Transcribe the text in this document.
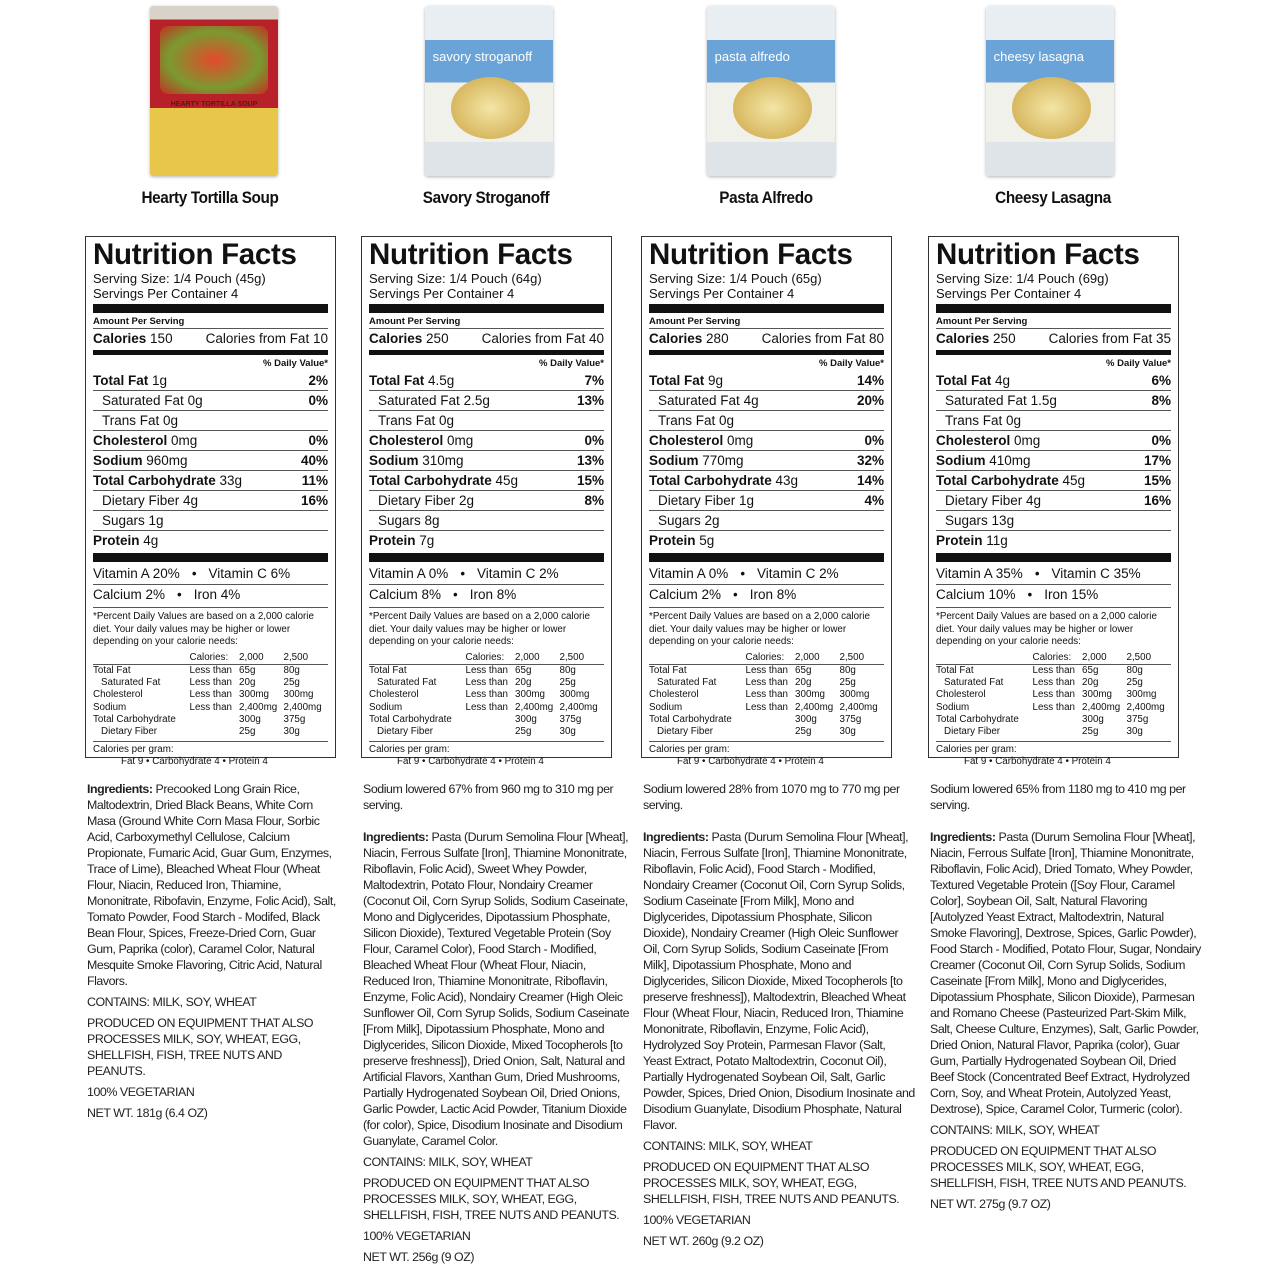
HEARTY TORTILLA SOUP
Hearty Tortilla Soup
Nutrition Facts
Serving Size: 1/4 Pouch (45g)
Servings Per Container 4
Amount Per Serving
Calories 150 Calories from Fat 10
% Daily Value*
Total Fat 1g	2%
Saturated Fat 0g	0%
Trans Fat 0g
Cholesterol 0mg	0%
Sodium 960mg	40%
Total Carbohydrate 33g	11%
Dietary Fiber 4g	16%
Sugars 1g
Protein 4g
Vitamin A 20% • Vitamin C 6%
Calcium 2% • Iron 4%
*Percent Daily Values are based on a 2,000 calorie diet. Your daily values may be higher or lower depending on your calorie needs:
	Calories:	2,000	2,500
Total Fat	Less than	65g	80g
Saturated Fat	Less than	20g	25g
Cholesterol	Less than	300mg	300mg
Sodium	Less than	2,400mg	2,400mg
Total Carbohydrate		300g	375g
Dietary Fiber		25g	30g
Calories per gram:
Fat 9 • Carbohydrate 4 • Protein 4

Ingredients: Precooked Long Grain Rice, Maltodextrin, Dried Black Beans, White Corn Masa (Ground White Corn Masa Flour, Sorbic Acid, Carboxymethyl Cellulose, Calcium Propionate, Fumaric Acid, Guar Gum, Enzymes, Trace of Lime), Bleached Wheat Flour (Wheat Flour, Niacin, Reduced Iron, Thiamine, Mononitrate, Ribofavin, Enzyme, Folic Acid), Salt, Tomato Powder, Food Starch - Modifed, Black Bean Flour, Spices, Freeze-Dried Corn, Guar Gum, Paprika (color), Caramel Color, Natural Mesquite Smoke Flavoring, Citric Acid, Natural Flavors.

CONTAINS: MILK, SOY, WHEAT

PRODUCED ON EQUIPMENT THAT ALSO PROCESSES MILK, SOY, WHEAT, EGG, SHELLFISH, FISH, TREE NUTS AND PEANUTS.

100% VEGETARIAN

NET WT. 181g (6.4 OZ)

savory stroganoff
Savory Stroganoff
Nutrition Facts
Serving Size: 1/4 Pouch (64g)
Servings Per Container 4
Amount Per Serving
Calories 250 Calories from Fat 40
% Daily Value*
Total Fat 4.5g	7%
Saturated Fat 2.5g	13%
Trans Fat 0g
Cholesterol 0mg	0%
Sodium 310mg	13%
Total Carbohydrate 45g	15%
Dietary Fiber 2g	8%
Sugars 8g
Protein 7g
Vitamin A 0% • Vitamin C 2%
Calcium 8% • Iron 8%
*Percent Daily Values are based on a 2,000 calorie diet. Your daily values may be higher or lower depending on your calorie needs:
	Calories:	2,000	2,500
Total Fat	Less than	65g	80g
Saturated Fat	Less than	20g	25g
Cholesterol	Less than	300mg	300mg
Sodium	Less than	2,400mg	2,400mg
Total Carbohydrate		300g	375g
Dietary Fiber		25g	30g
Calories per gram:
Fat 9 • Carbohydrate 4 • Protein 4

Sodium lowered 67% from 960 mg to 310 mg per serving.

Ingredients: Pasta (Durum Semolina Flour [Wheat], Niacin, Ferrous Sulfate [Iron], Thiamine Mononitrate, Riboflavin, Folic Acid), Sweet Whey Powder, Maltodextrin, Potato Flour, Nondairy Creamer (Coconut Oil, Corn Syrup Solids, Sodium Caseinate, Mono and Diglycerides, Dipotassium Phosphate, Silicon Dioxide), Textured Vegetable Protein (Soy Flour, Caramel Color), Food Starch - Modified, Bleached Wheat Flour (Wheat Flour, Niacin, Reduced Iron, Thiamine Mononitrate, Riboflavin, Enzyme, Folic Acid), Nondairy Creamer (High Oleic Sunflower Oil, Corn Syrup Solids, Sodium Caseinate [From Milk], Dipotassium Phosphate, Mono and Diglycerides, Silicon Dioxide, Mixed Tocopherols [to preserve freshness]), Dried Onion, Salt, Natural and Artificial Flavors, Xanthan Gum, Dried Mushrooms, Partially Hydrogenated Soybean Oil, Dried Onions, Garlic Powder, Lactic Acid Powder, Titanium Dioxide (for color), Spice, Disodium Inosinate and Disodium Guanylate, Caramel Color.

CONTAINS: MILK, SOY, WHEAT

PRODUCED ON EQUIPMENT THAT ALSO PROCESSES MILK, SOY, WHEAT, EGG, SHELLFISH, FISH, TREE NUTS AND PEANUTS.

100% VEGETARIAN

NET WT. 256g (9 OZ)

pasta alfredo
Pasta Alfredo
Nutrition Facts
Serving Size: 1/4 Pouch (65g)
Servings Per Container 4
Amount Per Serving
Calories 280 Calories from Fat 80
% Daily Value*
Total Fat 9g	14%
Saturated Fat 4g	20%
Trans Fat 0g
Cholesterol 0mg	0%
Sodium 770mg	32%
Total Carbohydrate 43g	14%
Dietary Fiber 1g	4%
Sugars 2g
Protein 5g
Vitamin A 0% • Vitamin C 2%
Calcium 2% • Iron 8%
*Percent Daily Values are based on a 2,000 calorie diet. Your daily values may be higher or lower depending on your calorie needs:
	Calories:	2,000	2,500
Total Fat	Less than	65g	80g
Saturated Fat	Less than	20g	25g
Cholesterol	Less than	300mg	300mg
Sodium	Less than	2,400mg	2,400mg
Total Carbohydrate		300g	375g
Dietary Fiber		25g	30g
Calories per gram:
Fat 9 • Carbohydrate 4 • Protein 4

Sodium lowered 28% from 1070 mg to 770 mg per serving.

Ingredients: Pasta (Durum Semolina Flour [Wheat], Niacin, Ferrous Sulfate [Iron], Thiamine Mononitrate, Riboflavin, Folic Acid), Food Starch - Modified, Nondairy Creamer (Coconut Oil, Corn Syrup Solids, Sodium Caseinate [From Milk], Mono and Diglycerides, Dipotassium Phosphate, Silicon Dioxide), Nondairy Creamer (High Oleic Sunflower Oil, Corn Syrup Solids, Sodium Caseinate [From Milk], Dipotassium Phosphate, Mono and Diglycerides, Silicon Dioxide, Mixed Tocopherols [to preserve freshness]), Maltodextrin, Bleached Wheat Flour (Wheat Flour, Niacin, Reduced Iron, Thiamine Mononitrate, Riboflavin, Enzyme, Folic Acid), Hydrolyzed Soy Protein, Parmesan Flavor (Salt, Yeast Extract, Potato Maltodextrin, Coconut Oil), Partially Hydrogenated Soybean Oil, Salt, Garlic Powder, Spices, Dried Onion, Disodium Inosinate and Disodium Guanylate, Disodium Phosphate, Natural Flavor.

CONTAINS: MILK, SOY, WHEAT

PRODUCED ON EQUIPMENT THAT ALSO PROCESSES MILK, SOY, WHEAT, EGG, SHELLFISH, FISH, TREE NUTS AND PEANUTS.

100% VEGETARIAN

NET WT. 260g (9.2 OZ)

cheesy lasagna
Cheesy Lasagna
Nutrition Facts
Serving Size: 1/4 Pouch (69g)
Servings Per Container 4
Amount Per Serving
Calories 250 Calories from Fat 35
% Daily Value*
Total Fat 4g	6%
Saturated Fat 1.5g	8%
Trans Fat 0g
Cholesterol 0mg	0%
Sodium 410mg	17%
Total Carbohydrate 45g	15%
Dietary Fiber 4g	16%
Sugars 13g
Protein 11g
Vitamin A 35% • Vitamin C 35%
Calcium 10% • Iron 15%
*Percent Daily Values are based on a 2,000 calorie diet. Your daily values may be higher or lower depending on your calorie needs:
	Calories:	2,000	2,500
Total Fat	Less than	65g	80g
Saturated Fat	Less than	20g	25g
Cholesterol	Less than	300mg	300mg
Sodium	Less than	2,400mg	2,400mg
Total Carbohydrate		300g	375g
Dietary Fiber		25g	30g
Calories per gram:
Fat 9 • Carbohydrate 4 • Protein 4

Sodium lowered 65% from 1180 mg to 410 mg per serving.

Ingredients: Pasta (Durum Semolina Flour [Wheat], Niacin, Ferrous Sulfate [Iron], Thiamine Mononitrate, Riboflavin, Folic Acid), Dried Tomato, Whey Powder, Textured Vegetable Protein ([Soy Flour, Caramel Color], Soybean Oil, Salt, Natural Flavoring [Autolyzed Yeast Extract, Maltodextrin, Natural Smoke Flavoring], Dextrose, Spices, Garlic Powder), Food Starch - Modified, Potato Flour, Sugar, Nondairy Creamer (Coconut Oil, Corn Syrup Solids, Sodium Caseinate [From Milk], Mono and Diglycerides, Dipotassium Phosphate, Silicon Dioxide), Parmesan and Romano Cheese (Pasteurized Part-Skim Milk, Salt, Cheese Culture, Enzymes), Salt, Garlic Powder, Dried Onion, Natural Flavor, Paprika (color), Guar Gum, Partially Hydrogenated Soybean Oil, Dried Beef Stock (Concentrated Beef Extract, Hydrolyzed Corn, Soy, and Wheat Protein, Autolyzed Yeast, Dextrose), Spice, Caramel Color, Turmeric (color).

CONTAINS: MILK, SOY, WHEAT

PRODUCED ON EQUIPMENT THAT ALSO PROCESSES MILK, SOY, WHEAT, EGG, SHELLFISH, FISH, TREE NUTS AND PEANUTS.

NET WT. 275g (9.7 OZ)
